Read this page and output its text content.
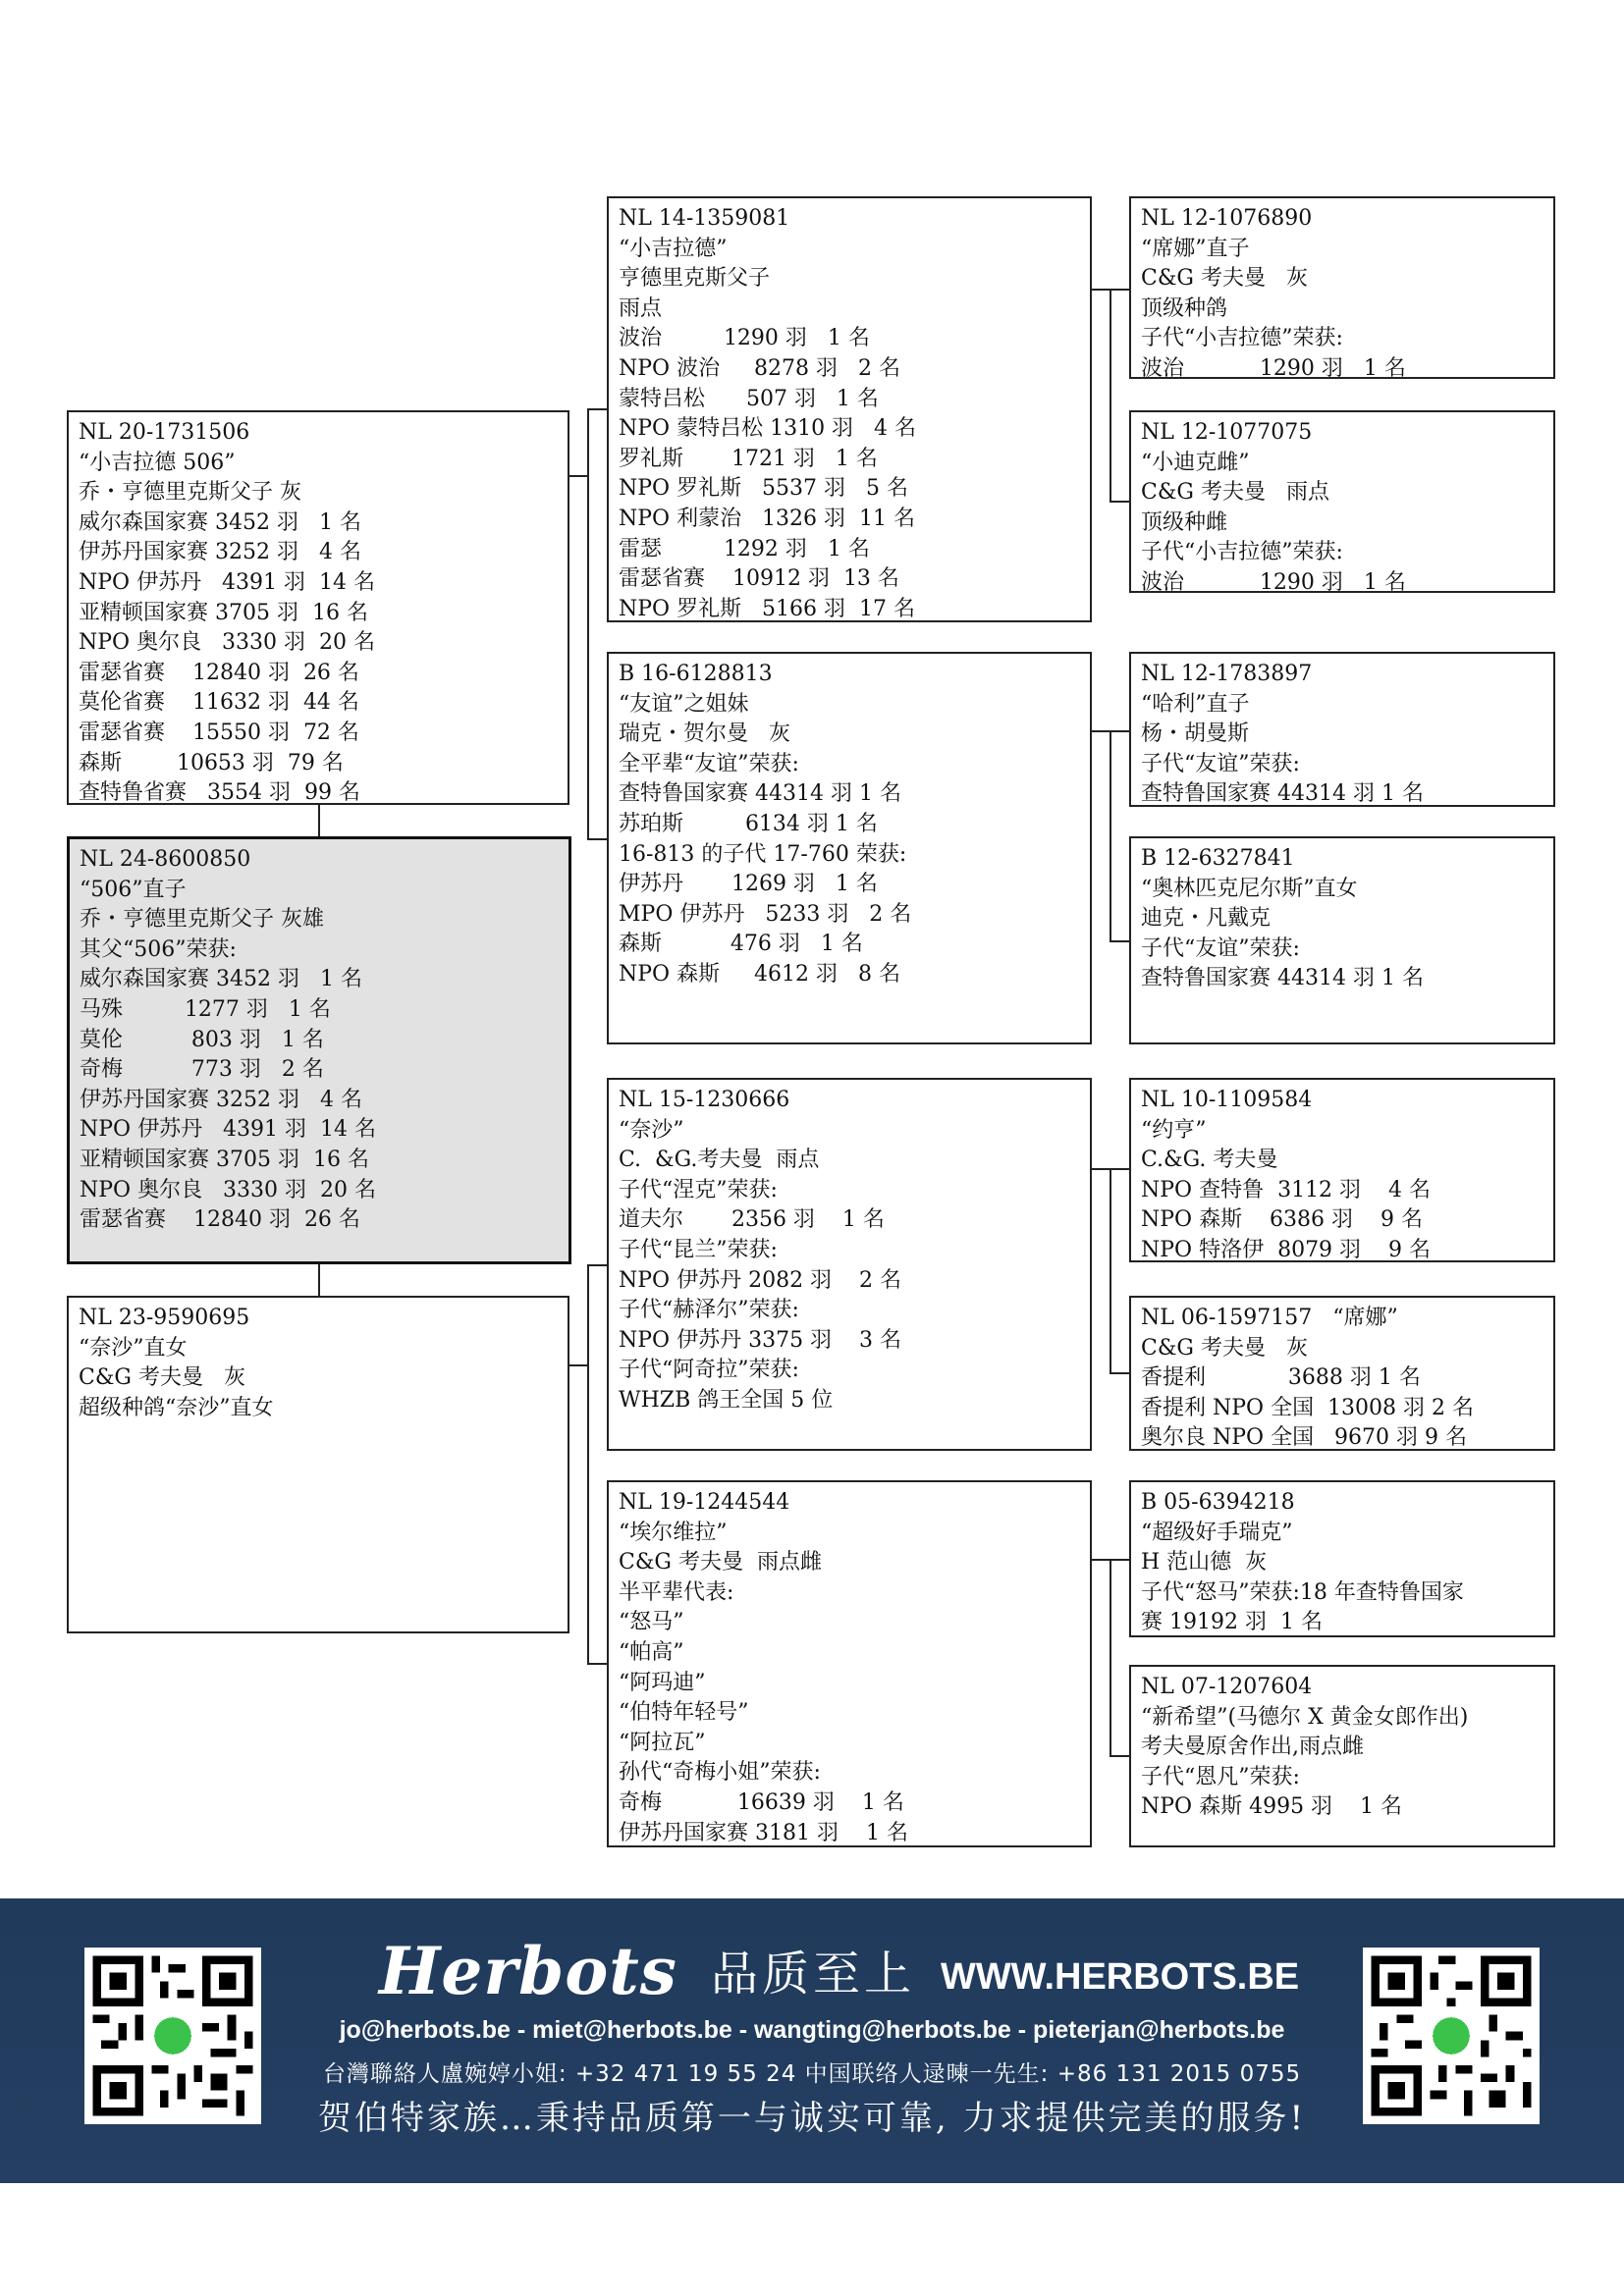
NL 24-8600850
“506”直子
乔・亨德里克斯父子 灰雄
其父“506”荣获:
威尔森国家赛 3452 羽   1 名
马殊         1277 羽   1 名
莫伦          803 羽   1 名
奇梅          773 羽   2 名
伊苏丹国家赛 3252 羽   4 名
NPO 伊苏丹   4391 羽  14 名
亚精顿国家赛 3705 羽  16 名
NPO 奥尔良   3330 羽  20 名
雷瑟省赛    12840 羽  26 名
NL 20-1731506
“小吉拉德 506”
乔・亨德里克斯父子 灰
威尔森国家赛 3452 羽   1 名
伊苏丹国家赛 3252 羽   4 名
NPO 伊苏丹   4391 羽  14 名
亚精顿国家赛 3705 羽  16 名
NPO 奥尔良   3330 羽  20 名
雷瑟省赛    12840 羽  26 名
莫伦省赛    11632 羽  44 名
雷瑟省赛    15550 羽  72 名
森斯        10653 羽  79 名
查特鲁省赛   3554 羽  99 名
NL 23-9590695
“奈沙”直女
C&G 考夫曼   灰
超级种鸽“奈沙”直女
NL 14-1359081
“小吉拉德”
亨德里克斯父子
雨点
波治         1290 羽   1 名
NPO 波治     8278 羽   2 名
蒙特吕松      507 羽   1 名
NPO 蒙特吕松 1310 羽   4 名
罗礼斯       1721 羽   1 名
NPO 罗礼斯   5537 羽   5 名
NPO 利蒙治   1326 羽  11 名
雷瑟         1292 羽   1 名
雷瑟省赛    10912 羽  13 名
NPO 罗礼斯   5166 羽  17 名
B 16-6128813
“友谊”之姐妹
瑞克・贺尔曼   灰
全平辈“友谊”荣获:
查特鲁国家赛 44314 羽 1 名
苏珀斯         6134 羽 1 名
16-813 的子代 17-760 荣获:
伊苏丹       1269 羽   1 名
MPO 伊苏丹   5233 羽   2 名
森斯          476 羽   1 名
NPO 森斯     4612 羽   8 名
NL 15-1230666
“奈沙”
C.  &G.考夫曼  雨点
子代“涅克”荣获:
道夫尔       2356 羽    1 名
子代“昆兰”荣获:
NPO 伊苏丹 2082 羽    2 名
子代“赫泽尔”荣获:
NPO 伊苏丹 3375 羽    3 名
子代“阿奇拉”荣获:
WHZB 鸽王全国 5 位
NL 19-1244544
“埃尔维拉”
C&G 考夫曼  雨点雌
半平辈代表:
“怒马”
“帕高”
“阿玛迪”
“伯特年轻号”
“阿拉瓦”
孙代“奇梅小姐”荣获:
奇梅           16639 羽    1 名
伊苏丹国家赛 3181 羽    1 名
NL 12-1076890
“席娜”直子
C&G 考夫曼   灰
顶级种鸽
子代“小吉拉德”荣获:
波治           1290 羽   1 名
NL 12-1077075
“小迪克雌”
C&G 考夫曼   雨点
顶级种雌
子代“小吉拉德”荣获:
波治           1290 羽   1 名
NL 12-1783897
“哈利”直子
杨・胡曼斯
子代“友谊”荣获:
查特鲁国家赛 44314 羽 1 名
B 12-6327841
“奥林匹克尼尔斯”直女
迪克・凡戴克
子代“友谊”荣获:
查特鲁国家赛 44314 羽 1 名
NL 10-1109584
“约亨”
C.&G. 考夫曼
NPO 查特鲁  3112 羽    4 名
NPO 森斯    6386 羽    9 名
NPO 特洛伊  8079 羽    9 名
NL 06-1597157   “席娜”
C&G 考夫曼   灰
香提利            3688 羽 1 名
香提利 NPO 全国  13008 羽 2 名
奥尔良 NPO 全国   9670 羽 9 名
B 05-6394218
“超级好手瑞克”
H 范山德  灰
子代“怒马”荣获:18 年查特鲁国家
赛 19192 羽  1 名
NL 07-1207604
“新希望”(马德尔 X 黄金女郎作出)
考夫曼原舍作出,雨点雌
子代“恩凡”荣获:
NPO 森斯 4995 羽    1 名
Herbots 品质至上 WWW.HERBOTS.BE
jo@herbots.be - miet@herbots.be - wangting@herbots.be - pieterjan@herbots.be
台灣聯絡人盧婉婷小姐: +32 471 19 55 24 中国联络人逯暕一先生: +86 131 2015 0755
贺伯特家族…秉持品质第一与诚实可靠, 力求提供完美的服务!
